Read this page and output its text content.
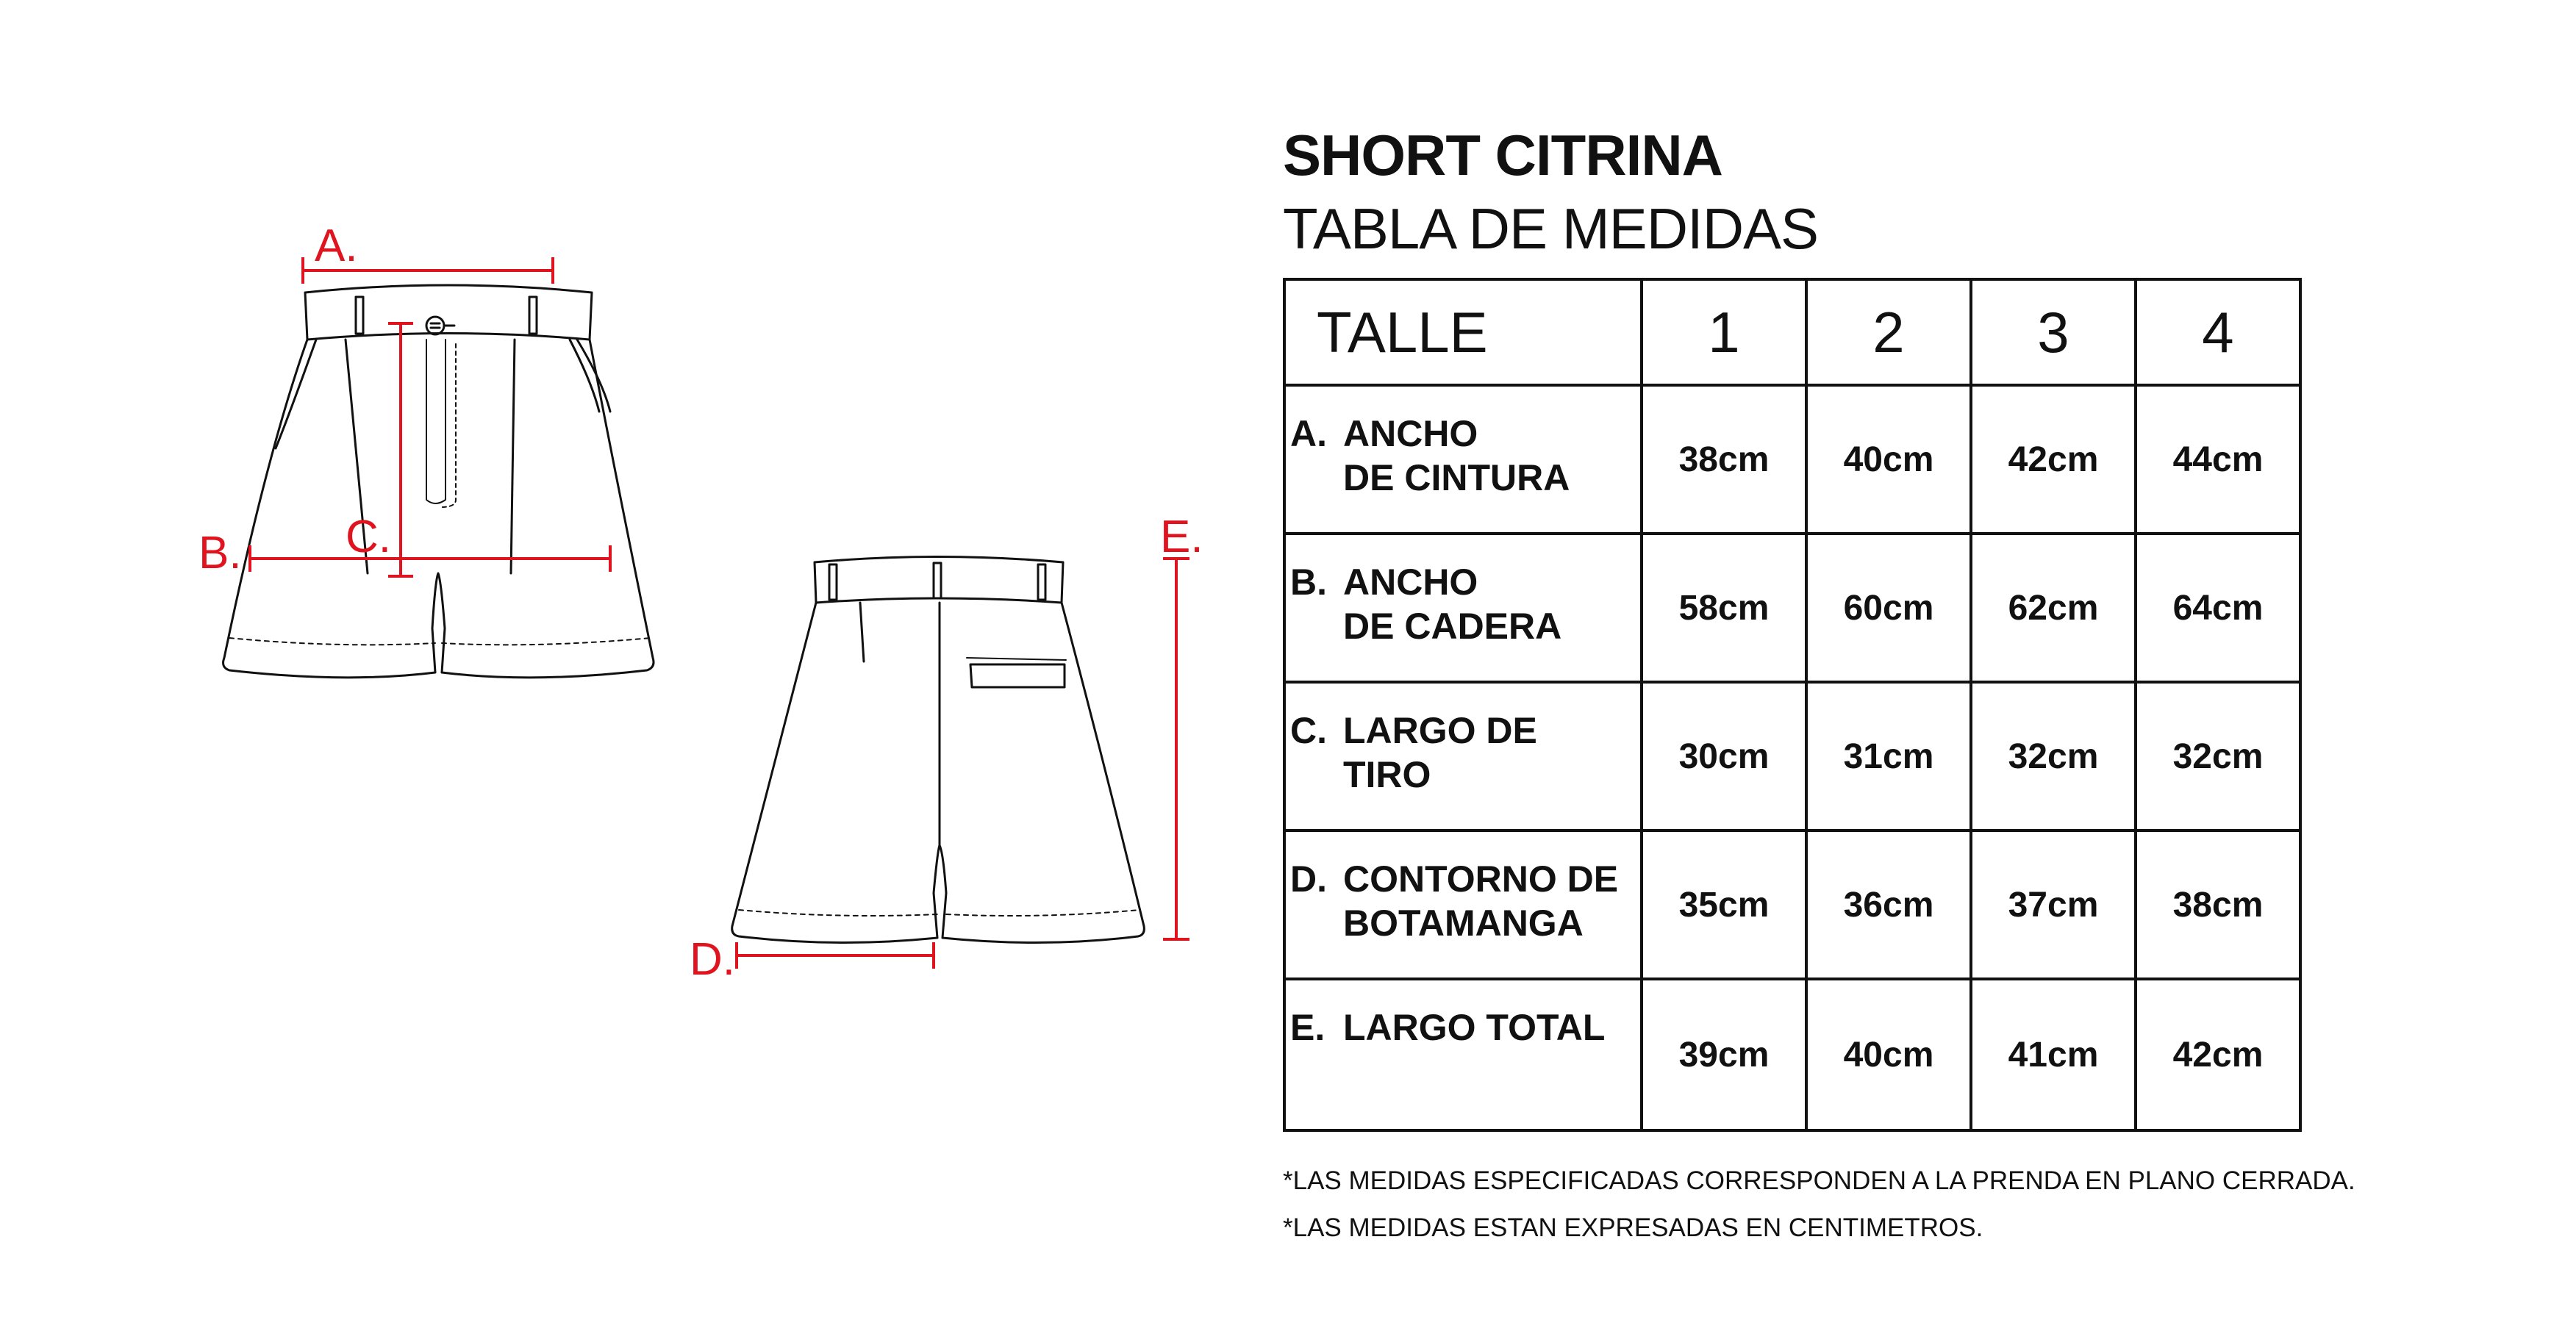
A.
B. C.
D.
E.
SHORT CITRINA
TABLA DE MEDIDAS
TALLE	1	2	3	4
A. ANCHO
DE CINTURA	38cm	40cm	42cm	44cm
B. ANCHO
DE CADERA	58cm	60cm	62cm	64cm
C. LARGO DE
TIRO	30cm	31cm	32cm	32cm
D. CONTORNO DE
BOTAMANGA	35cm	36cm	37cm	38cm
E. LARGO TOTAL	39cm	40cm	41cm	42cm
*LAS MEDIDAS ESPECIFICADAS CORRESPONDEN A LA PRENDA EN PLANO CERRADA.
*LAS MEDIDAS ESTAN EXPRESADAS EN CENTIMETROS.
